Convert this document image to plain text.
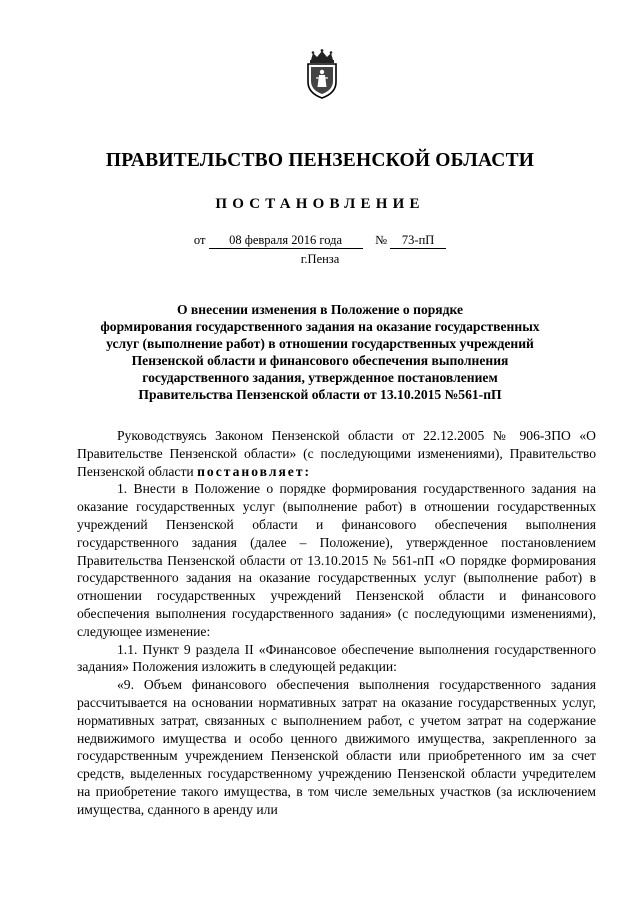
ПРАВИТЕЛЬСТВО ПЕНЗЕНСКОЙ ОБЛАСТИ
ПОСТАНОВЛЕНИЕ
от 08 февраля 2016 года	№ 73-пП
г.Пенза
О внесении изменения в Положение о порядке
формирования государственного задания на оказание государственных
услуг (выполнение работ) в отношении государственных учреждений
Пензенской области и финансового обеспечения выполнения
государственного задания, утвержденное постановлением
Правительства Пензенской области от 13.10.2015 №561-пП

Руководствуясь Законом Пензенской области от 22.12.2005 № 906-ЗПО «О Правительстве Пензенской области» (с последующими изменениями), Правительство Пензенской области постановляет:

1. Внести в Положение о порядке формирования государственного задания на оказание государственных услуг (выполнение работ) в отношении государственных учреждений Пензенской области и финансового обеспечения выполнения государственного задания (далее – Положение), утвержденное постановлением Правительства Пензенской области от 13.10.2015 № 561-пП «О порядке формирования государственного задания на оказание государственных услуг (выполнение работ) в отношении государственных учреждений Пензенской области и финансового обеспечения выполнения государственного задания» (с последующими изменениями), следующее изменение:

1.1. Пункт 9 раздела II «Финансовое обеспечение выполнения государственного задания» Положения изложить в следующей редакции:

«9. Объем финансового обеспечения выполнения государственного задания рассчитывается на основании нормативных затрат на оказание государственных услуг, нормативных затрат, связанных с выполнением работ, с учетом затрат на содержание недвижимого имущества и особо ценного движимого имущества, закрепленного за государственным учреждением Пензенской области или приобретенного им за счет средств, выделенных государственному учреждению Пензенской области учредителем на приобретение такого имущества, в том числе земельных участков (за исключением имущества, сданного в аренду или
